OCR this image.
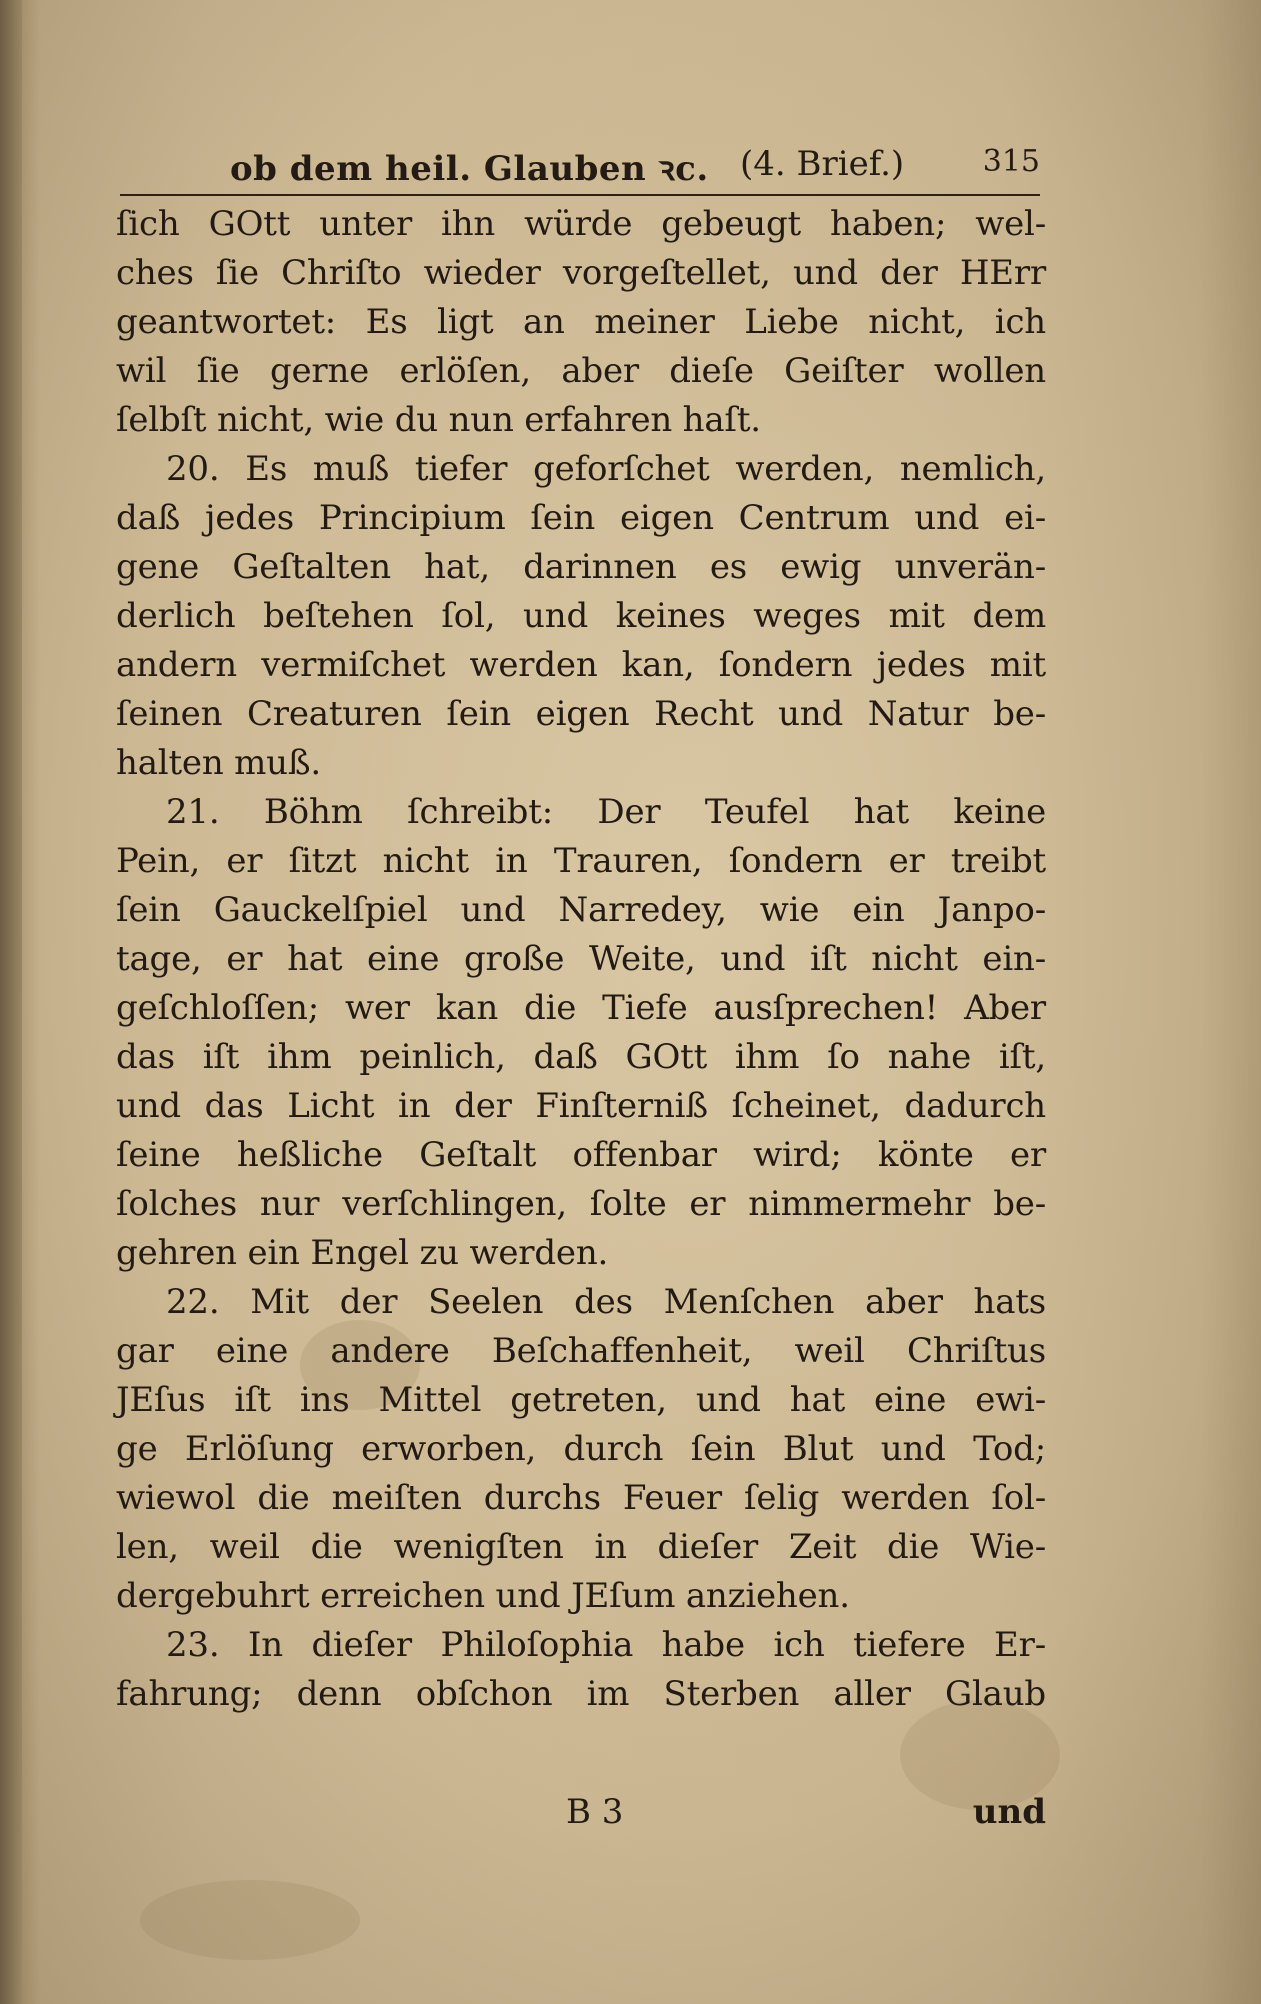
ob dem heil. Glauben ꝛc. (4. Brief.)	315
ſich GOtt unter ihn würde gebeugt haben; wel-
ches ſie Chriſto wieder vorgeſtellet, und der HErr
geantwortet: Es ligt an meiner Liebe nicht, ich
wil ſie gerne erlöſen, aber dieſe Geiſter wollen
ſelbſt nicht, wie du nun erfahren haſt.
20. Es muß tiefer geforſchet werden, nemlich,
daß jedes Principium ſein eigen Centrum und ei-
gene Geſtalten hat, darinnen es ewig unverän-
derlich beſtehen ſol, und keines weges mit dem
andern vermiſchet werden kan, ſondern jedes mit
ſeinen Creaturen ſein eigen Recht und Natur be-
halten muß.
21. Böhm ſchreibt: Der Teufel hat keine
Pein, er ſitzt nicht in Trauren, ſondern er treibt
ſein Gauckelſpiel und Narredey, wie ein Janpo-
tage, er hat eine große Weite, und iſt nicht ein-
geſchloſſen; wer kan die Tiefe ausſprechen! Aber
das iſt ihm peinlich, daß GOtt ihm ſo nahe iſt,
und das Licht in der Finſterniß ſcheinet, dadurch
ſeine heßliche Geſtalt offenbar wird; könte er
ſolches nur verſchlingen, ſolte er nimmermehr be-
gehren ein Engel zu werden.
22. Mit der Seelen des Menſchen aber hats
gar eine andere Beſchaffenheit, weil Chriſtus
JEſus iſt ins Mittel getreten, und hat eine ewi-
ge Erlöſung erworben, durch ſein Blut und Tod;
wiewol die meiſten durchs Feuer ſelig werden ſol-
len, weil die wenigſten in dieſer Zeit die Wie-
dergebuhrt erreichen und JEſum anziehen.
23. In dieſer Philoſophia habe ich tiefere Er-
fahrung; denn obſchon im Sterben aller Glaub
B 3	und
